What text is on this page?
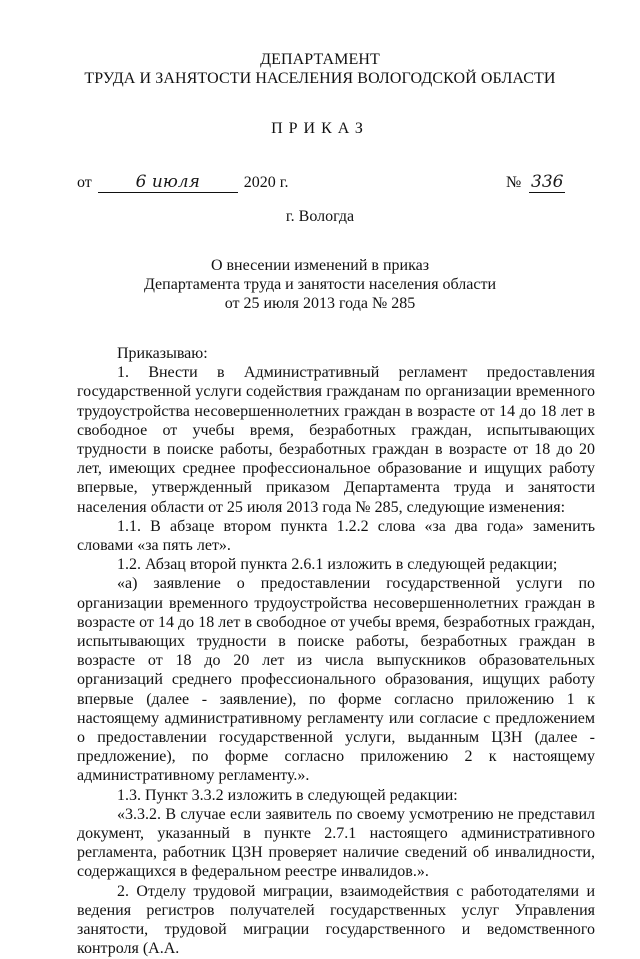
ДЕПАРТАМЕНТ
ТРУДА И ЗАНЯТОСТИ НАСЕЛЕНИЯ ВОЛОГОДСКОЙ ОБЛАСТИ
ПРИКАЗ
от	6 июля	2020 г.	№ 336
г. Вологда
О внесении изменений в приказ
Департамента труда и занятости населения области
от 25 июля 2013 года № 285

Приказываю:

1. Внести в Административный регламент предоставления государственной услуги содействия гражданам по организации временного трудоустройства несовершеннолетних граждан в возрасте от 14 до 18 лет в свободное от учебы время, безработных граждан, испытывающих трудности в поиске работы, безработных граждан в возрасте от 18 до 20 лет, имеющих среднее профессиональное образование и ищущих работу впервые, утвержденный приказом Департамента труда и занятости населения области от 25 июля 2013 года № 285, следующие изменения:

1.1. В абзаце втором пункта 1.2.2 слова «за два года» заменить словами «за пять лет».

1.2. Абзац второй пункта 2.6.1 изложить в следующей редакции;

«а) заявление о предоставлении государственной услуги по организации временного трудоустройства несовершеннолетних граждан в возрасте от 14 до 18 лет в свободное от учебы время, безработных граждан, испытывающих трудности в поиске работы, безработных граждан в возрасте от 18 до 20 лет из числа выпускников образовательных организаций среднего профессионального образования, ищущих работу впервые (далее - заявление), по форме согласно приложению 1 к настоящему административному регламенту или согласие с предложением о предоставлении государственной услуги, выданным ЦЗН (далее - предложение), по форме согласно приложению 2 к настоящему административному регламенту.».

1.3. Пункт 3.3.2 изложить в следующей редакции:

«3.3.2. В случае если заявитель по своему усмотрению не представил документ, указанный в пункте 2.7.1 настоящего административного регламента, работник ЦЗН проверяет наличие сведений об инвалидности, содержащихся в федеральном реестре инвалидов.».

2. Отделу трудовой миграции, взаимодействия с работодателями и ведения регистров получателей государственных услуг Управления занятости, трудовой миграции государственного и ведомственного контроля (А.А.
